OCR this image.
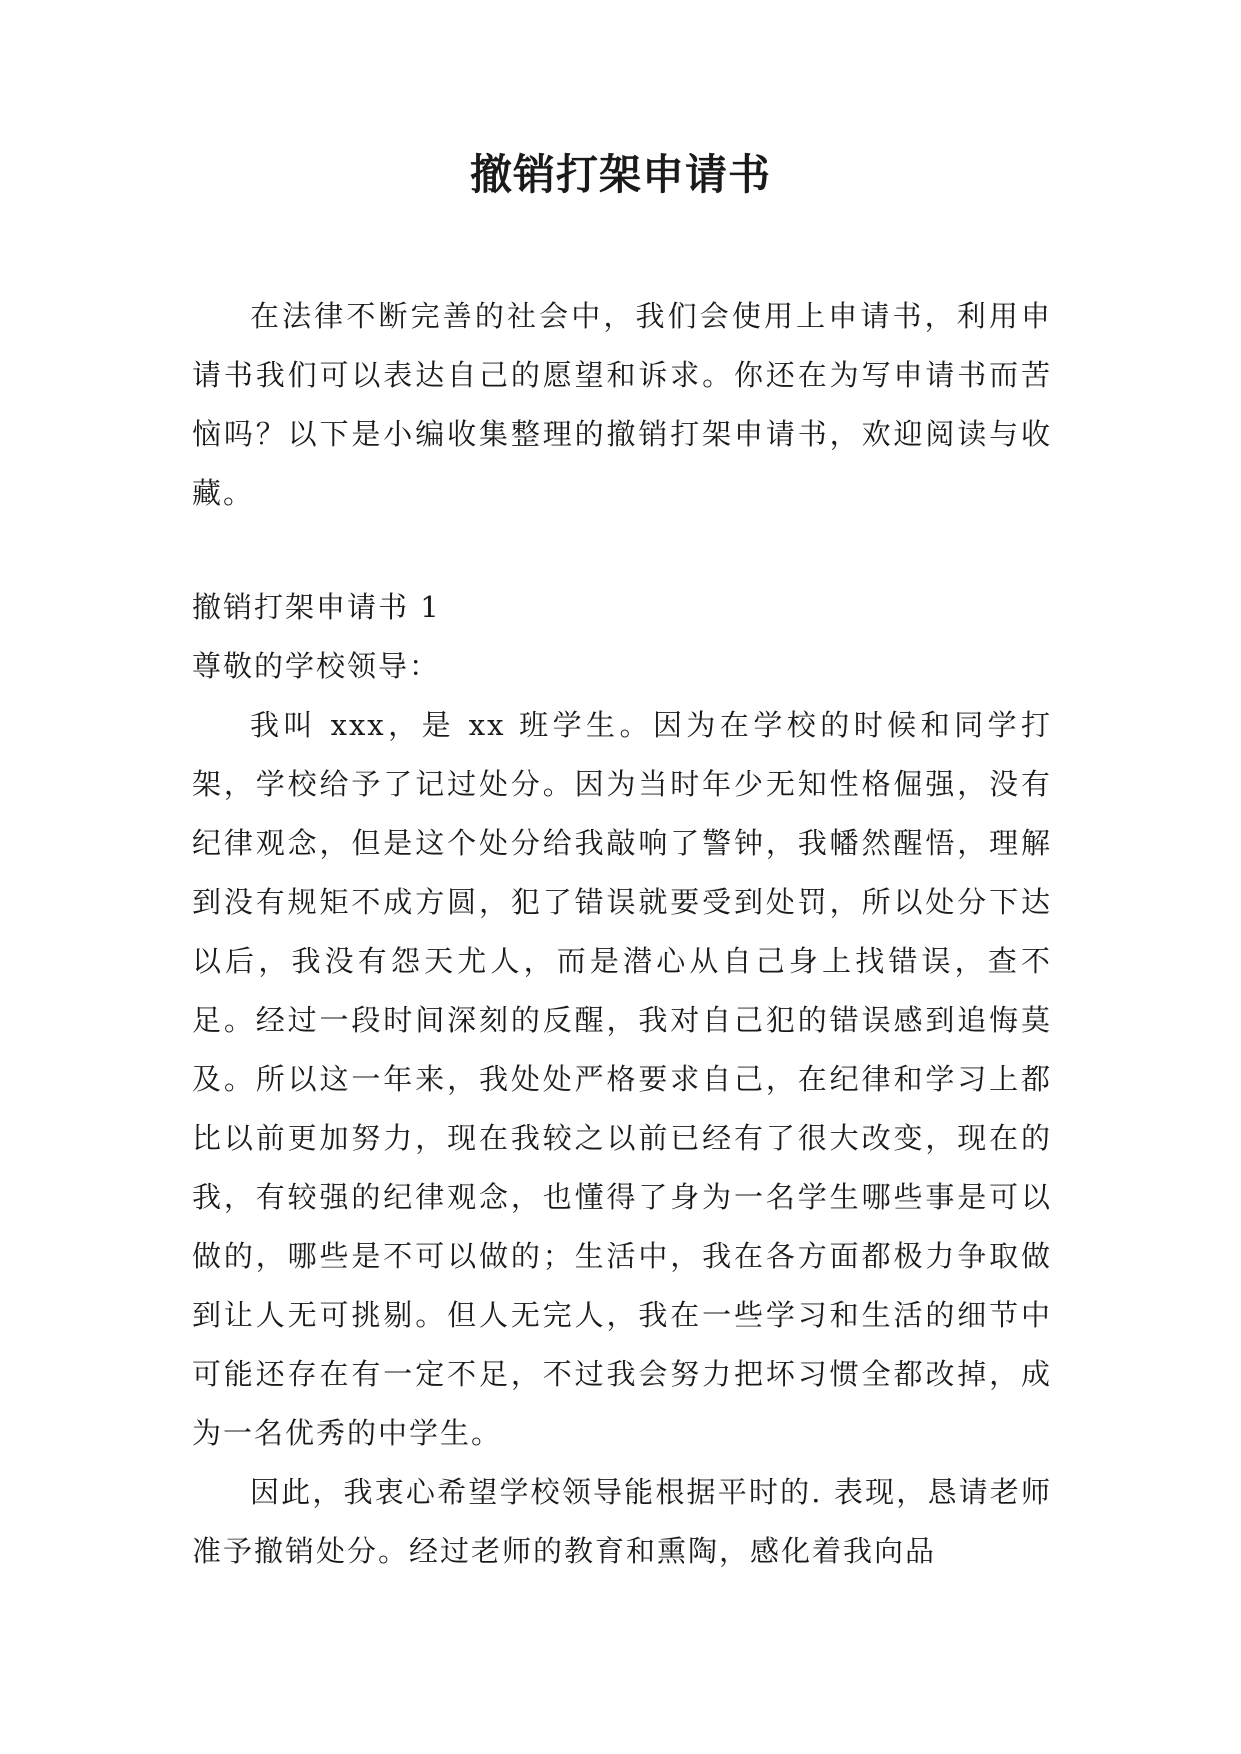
撤销打架申请书

在法律不断完善的社会中，我们会使用上申请书，利用申请书我们可以表达自己的愿望和诉求。你还在为写申请书而苦恼吗？以下是小编收集整理的撤销打架申请书，欢迎阅读与收藏。

撤销打架申请书 1

尊敬的学校领导：

我叫 xxx，是 xx 班学生。因为在学校的时候和同学打架，学校给予了记过处分。因为当时年少无知性格倔强，没有纪律观念，但是这个处分给我敲响了警钟，我幡然醒悟，理解到没有规矩不成方圆，犯了错误就要受到处罚，所以处分下达以后，我没有怨天尤人，而是潜心从自己身上找错误，查不足。经过一段时间深刻的反醒，我对自己犯的错误感到追悔莫及。所以这一年来，我处处严格要求自己，在纪律和学习上都比以前更加努力，现在我较之以前已经有了很大改变，现在的我，有较强的纪律观念，也懂得了身为一名学生哪些事是可以做的，哪些是不可以做的；生活中，我在各方面都极力争取做到让人无可挑剔。但人无完人，我在一些学习和生活的细节中可能还存在有一定不足，不过我会努力把坏习惯全都改掉，成为一名优秀的中学生。

因此，我衷心希望学校领导能根据平时的. 表现，恳请老师准予撤销处分。经过老师的教育和熏陶，感化着我向品
